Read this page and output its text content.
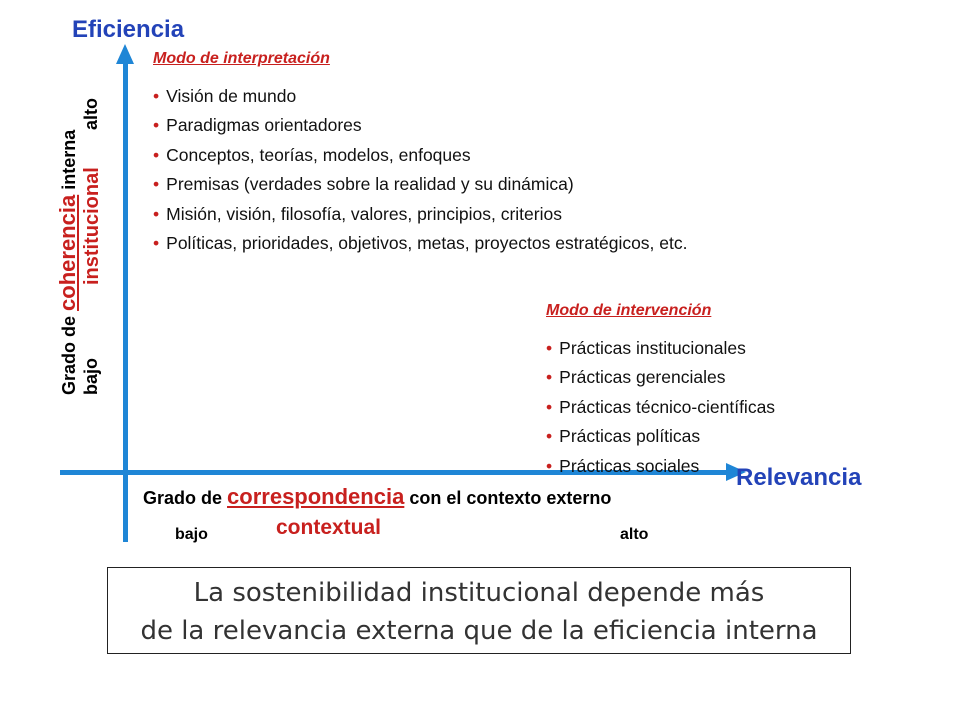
Eficiencia
Relevancia
Grado de coherencia interna
bajo
institucional
alto
Grado de correspondencia con el contexto externo
bajo	contextual	alto
Modo de interpretación
• Visión de mundo
• Paradigmas orientadores
• Conceptos, teorías, modelos, enfoques
• Premisas (verdades sobre la realidad y su dinámica)
• Misión, visión, filosofía, valores, principios, criterios
• Políticas, prioridades, objetivos, metas, proyectos estratégicos, etc.
Modo de intervención
• Prácticas institucionales
• Prácticas gerenciales
• Prácticas técnico-científicas
• Prácticas políticas
• Prácticas sociales
La sostenibilidad institucional depende más
de la relevancia externa que de la eficiencia interna
